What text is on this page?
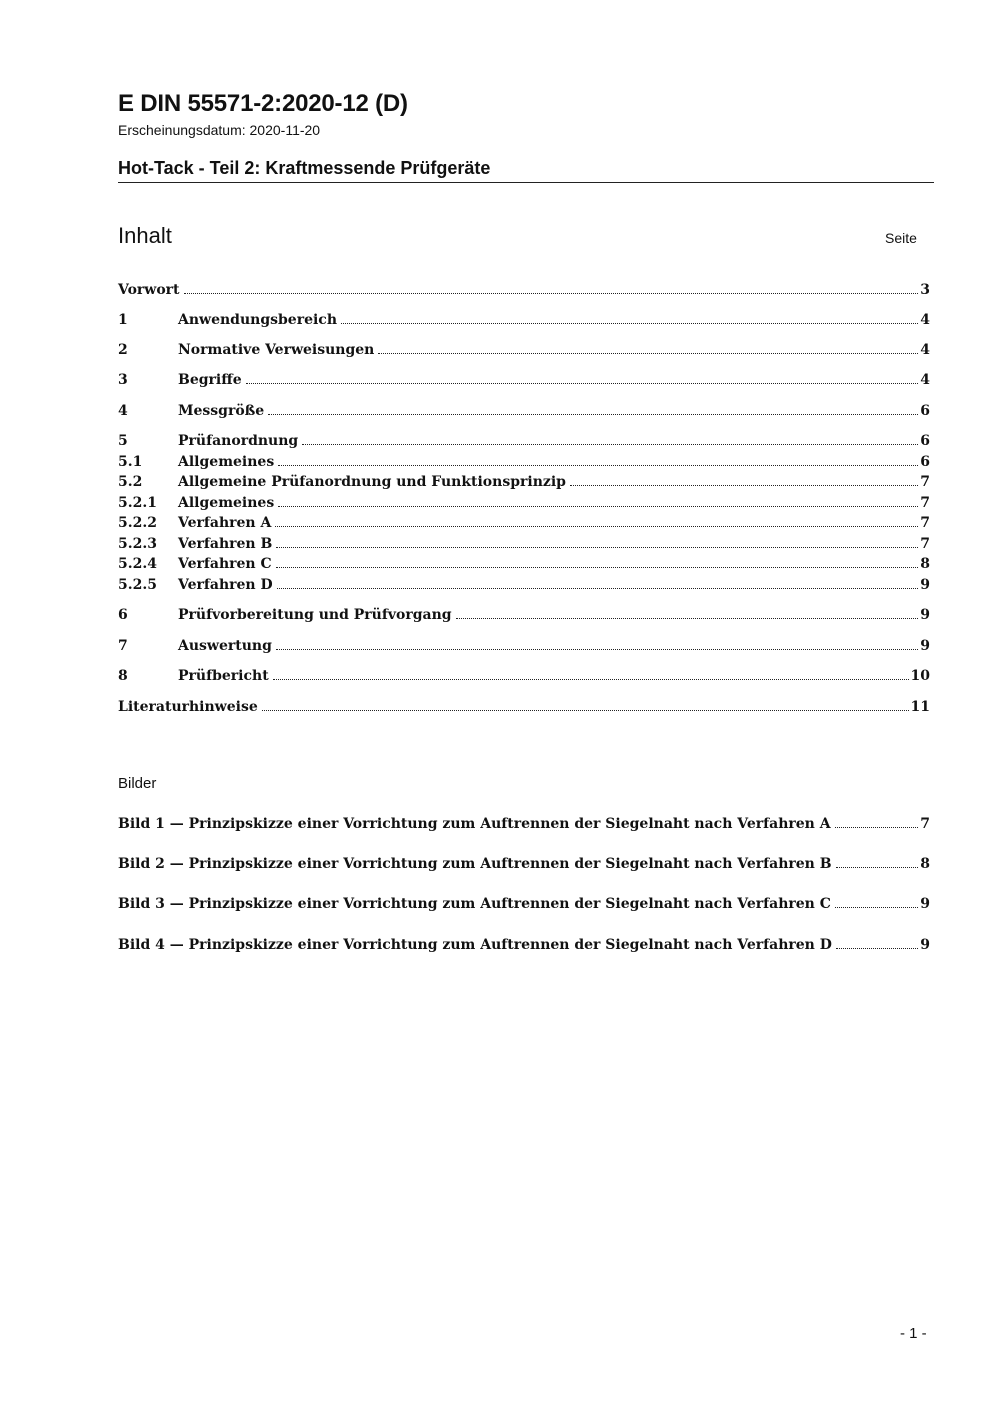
E DIN 55571-2:2020-12 (D)
Erscheinungsdatum: 2020-11-20
Hot-Tack - Teil 2: Kraftmessende Prüfgeräte
Inhalt	Seite
Vorwort	3
1	Anwendungsbereich	4
2	Normative Verweisungen	4
3	Begriffe	4
4	Messgröße	6
5	Prüfanordnung	6
5.1	Allgemeines	6
5.2	Allgemeine Prüfanordnung und Funktionsprinzip	7
5.2.1	Allgemeines	7
5.2.2	Verfahren A	7
5.2.3	Verfahren B	7
5.2.4	Verfahren C	8
5.2.5	Verfahren D	9
6	Prüfvorbereitung und Prüfvorgang	9
7	Auswertung	9
8	Prüfbericht	10
Literaturhinweise	11
Bilder
Bild 1 — Prinzipskizze einer Vorrichtung zum Auftrennen der Siegelnaht nach Verfahren A	7
Bild 2 — Prinzipskizze einer Vorrichtung zum Auftrennen der Siegelnaht nach Verfahren B	8
Bild 3 — Prinzipskizze einer Vorrichtung zum Auftrennen der Siegelnaht nach Verfahren C	9
Bild 4 — Prinzipskizze einer Vorrichtung zum Auftrennen der Siegelnaht nach Verfahren D	9
- 1 -
